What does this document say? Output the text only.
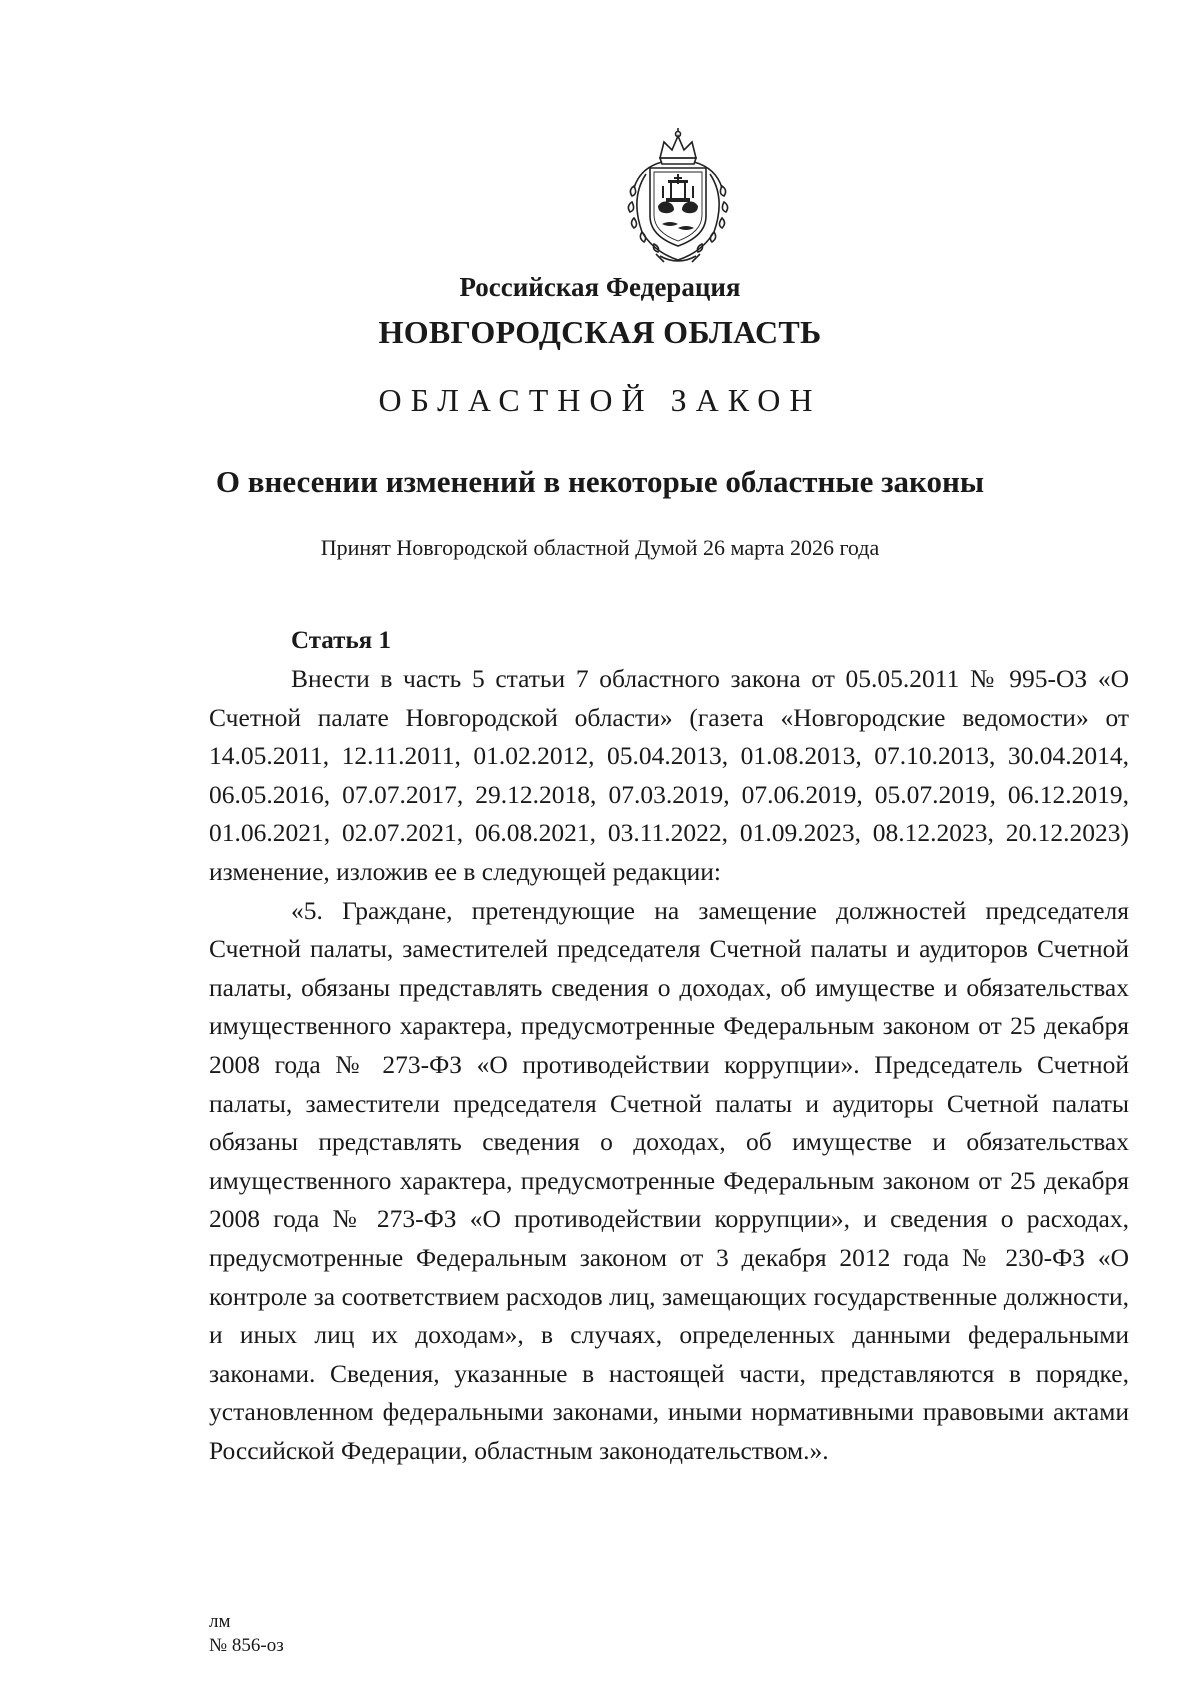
Российская Федерация
НОВГОРОДСКАЯ ОБЛАСТЬ
ОБЛАСТНОЙ ЗАКОН
О внесении изменений в некоторые областные законы
Принят Новгородской областной Думой 26 марта 2026 года
Статья 1

Внести в часть 5 статьи 7 областного закона от 05.05.2011 № 995-ОЗ «О Счетной палате Новгородской области» (газета «Новгородские ведомости» от 14.05.2011, 12.11.2011, 01.02.2012, 05.04.2013, 01.08.2013, 07.10.2013, 30.04.2014, 06.05.2016, 07.07.2017, 29.12.2018, 07.03.2019, 07.06.2019, 05.07.2019, 06.12.2019, 01.06.2021, 02.07.2021, 06.08.2021, 03.11.2022, 01.09.2023, 08.12.2023, 20.12.2023) изменение, изложив ее в следующей редакции:

«5. Граждане, претендующие на замещение должностей председателя Счетной палаты, заместителей председателя Счетной палаты и аудиторов Счетной палаты, обязаны представлять сведения о доходах, об имуществе и обязательствах имущественного характера, предусмотренные Федеральным законом от 25 декабря 2008 года № 273-ФЗ «О противодействии коррупции». Председатель Счетной палаты, заместители председателя Счетной палаты и аудиторы Счетной палаты обязаны представлять сведения о доходах, об имуществе и обязательствах имущественного характера, предусмотренные Федеральным законом от 25 декабря 2008 года № 273-ФЗ «О противодействии коррупции», и сведения о расходах, предусмотренные Федеральным законом от 3 декабря 2012 года № 230-ФЗ «О контроле за соответствием расходов лиц, замещающих государственные должности, и иных лиц их доходам», в случаях, определенных данными федеральными законами. Сведения, указанные в настоящей части, представляются в порядке, установленном федеральными законами, иными нормативными правовыми актами Российской Федерации, областным законодательством.».

лм
№ 856-оз
